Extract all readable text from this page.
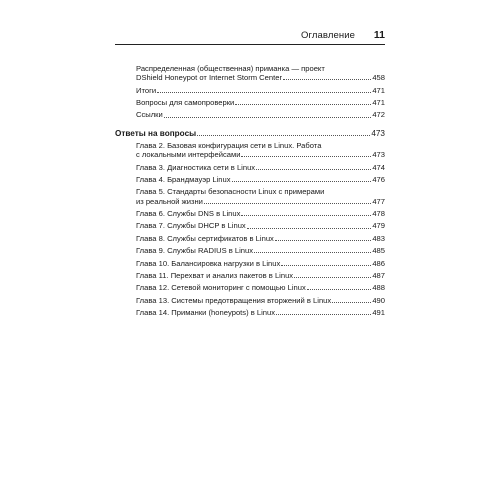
Оглавление 11
Распределенная (общественная) приманка — проект
DShield Honeypot от Internet Storm Center	458
Итоги	471
Вопросы для самопроверки	471
Ссылки	472
Ответы на вопросы	473
Глава 2. Базовая конфигурация сети в Linux. Работа
с локальными интерфейсами	473
Глава 3. Диагностика сети в Linux	474
Глава 4. Брандмауэр Linux	476
Глава 5. Стандарты безопасности Linux с примерами
из реальной жизни	477
Глава 6. Службы DNS в Linux	478
Глава 7. Службы DHCP в Linux	479
Глава 8. Службы сертификатов в Linux	483
Глава 9. Службы RADIUS в Linux	485
Глава 10. Балансировка нагрузки в Linux	486
Глава 11. Перехват и анализ пакетов в Linux	487
Глава 12. Сетевой мониторинг с помощью Linux	488
Глава 13. Системы предотвращения вторжений в Linux	490
Глава 14. Приманки (honeypots) в Linux	491
